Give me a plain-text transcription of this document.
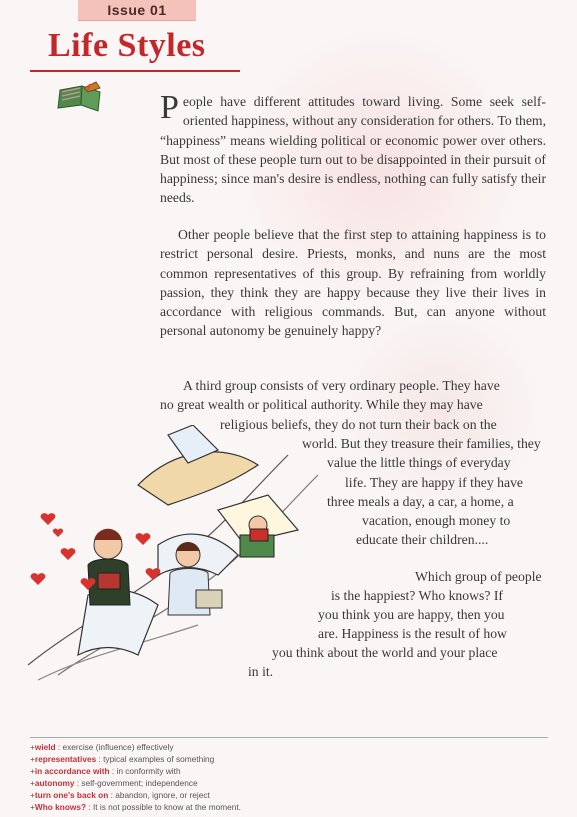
Issue 01
Life Styles

People have different attitudes toward living. Some seek self-oriented happiness, without any consideration for others. To them, “happiness” means wielding political or economic power over others. But most of these people turn out to be disappointed in their pursuit of happiness; since man's desire is endless, nothing can fully satisfy their needs.

Other people believe that the first step to attaining happiness is to restrict personal desire. Priests, monks, and nuns are the most common representatives of this group. By refraining from worldly passion, they think they are happy because they live their lives in accordance with religious commands. But, can anyone without personal autonomy be genuinely happy?

A third group consists of very ordinary people. They have

no great wealth or political authority. While they may have

religious beliefs, they do not turn their back on the

world. But they treasure their families, they

value the little things of everyday

life. They are happy if they have

three meals a day, a car, a home, a

vacation, enough money to

educate their children....

Which group of people

is the happiest? Who knows? If

you think you are happy, then you

are. Happiness is the result of how

you think about the world and your place

in it.

+wield : exercise (influence) effectively
+representatives : typical examples of something
+in accordance with : in conformity with
+autonomy : self-government; independence
+turn one's back on : abandon, ignore, or reject
+Who knows? : It is not possible to know at the moment.
